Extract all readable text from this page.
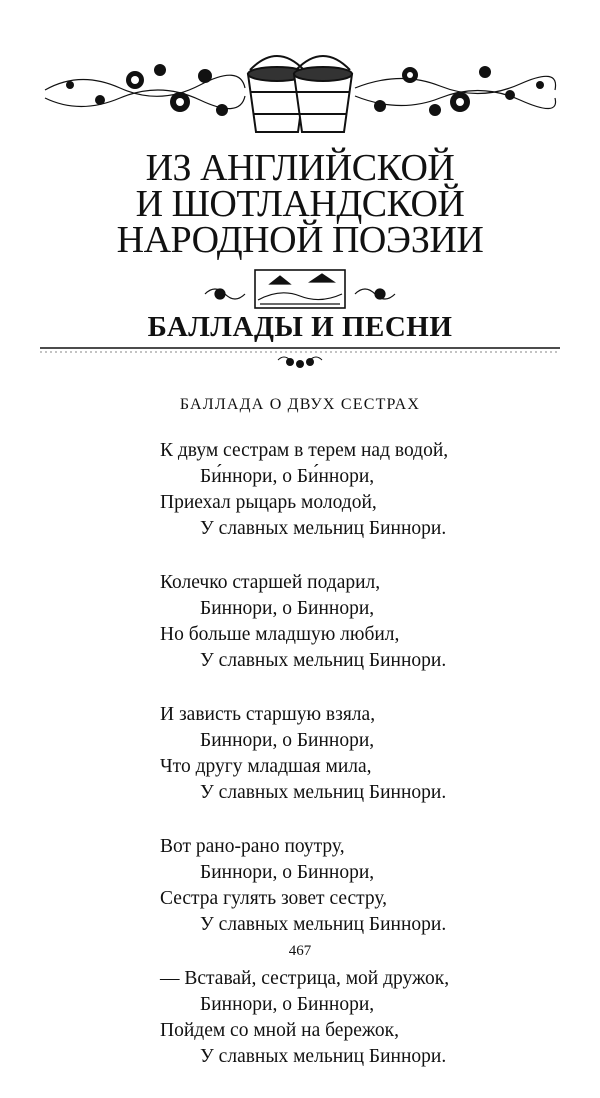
ИЗ АНГЛИЙСКОЙ
И ШОТЛАНДСКОЙ
НАРОДНОЙ ПОЭЗИИ
БАЛЛАДЫ И ПЕСНИ
БАЛЛАДА О ДВУХ СЕСТРАХ
К двум сестрам в терем над водой,
Би́ннори, о Би́ннори,
Приехал рыцарь молодой,
У славных мельниц Биннори.
Колечко старшей подарил,
Биннори, о Биннори,
Но больше младшую любил,
У славных мельниц Биннори.
И зависть старшую взяла,
Биннори, о Биннори,
Что другу младшая мила,
У славных мельниц Биннори.
Вот рано-рано поутру,
Биннори, о Биннори,
Сестра гулять зовет сестру,
У славных мельниц Биннори.
— Вставай, сестрица, мой дружок,
Биннори, о Биннори,
Пойдем со мной на бережок,
У славных мельниц Биннори.
467
